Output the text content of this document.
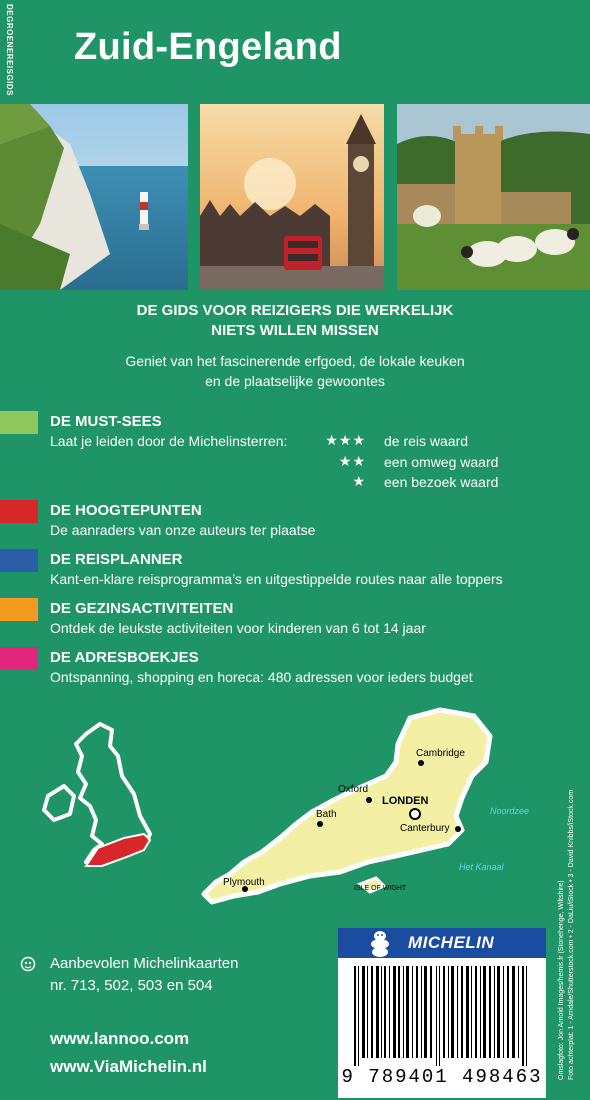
DEGROENEREISGIDS Zuid-Engeland
DE GIDS VOOR REIZIGERS DIE WERKELIJK
NIETS WILLEN MISSEN
Geniet van het fascinerende erfgoed, de lokale keuken
en de plaatselijke gewoontes
DE MUST-SEES
Laat je leiden door de Michelinsterren:	★★★ de reis waard
★★ een omweg waard
★ een bezoek waard
DE HOOGTEPUNTEN
De aanraders van onze auteurs ter plaatse
DE REISPLANNER
Kant-en-klare reisprogramma’s en uitgestippelde routes naar alle toppers
DE GEZINSACTIVITEITEN
Ontdek de leukste activiteiten voor kinderen van 6 tot 14 jaar
DE ADRESBOEKJES
Ontspanning, shopping en horeca: 480 adressen voor ieders budget
Cambridge
Oxford
LONDEN
Bath
Canterbury
Plymouth
ISLE OF WIGHT
Noordzee
Het Kanaal
Aanbevolen Michelinkaarten
nr. 713, 502, 503 en 504
www.lannoo.com
www.ViaMichelin.nl
MICHELIN
9 789401 498463	Omslagfoto: Jon Arnold Images/hemis.fr (Stonehenge, Wiltshire) Foto achterplat: 1 - Arndale/Shutterstock.com • 2 - DaLiu/iStock • 3 - David Knibbs/iStock.com
